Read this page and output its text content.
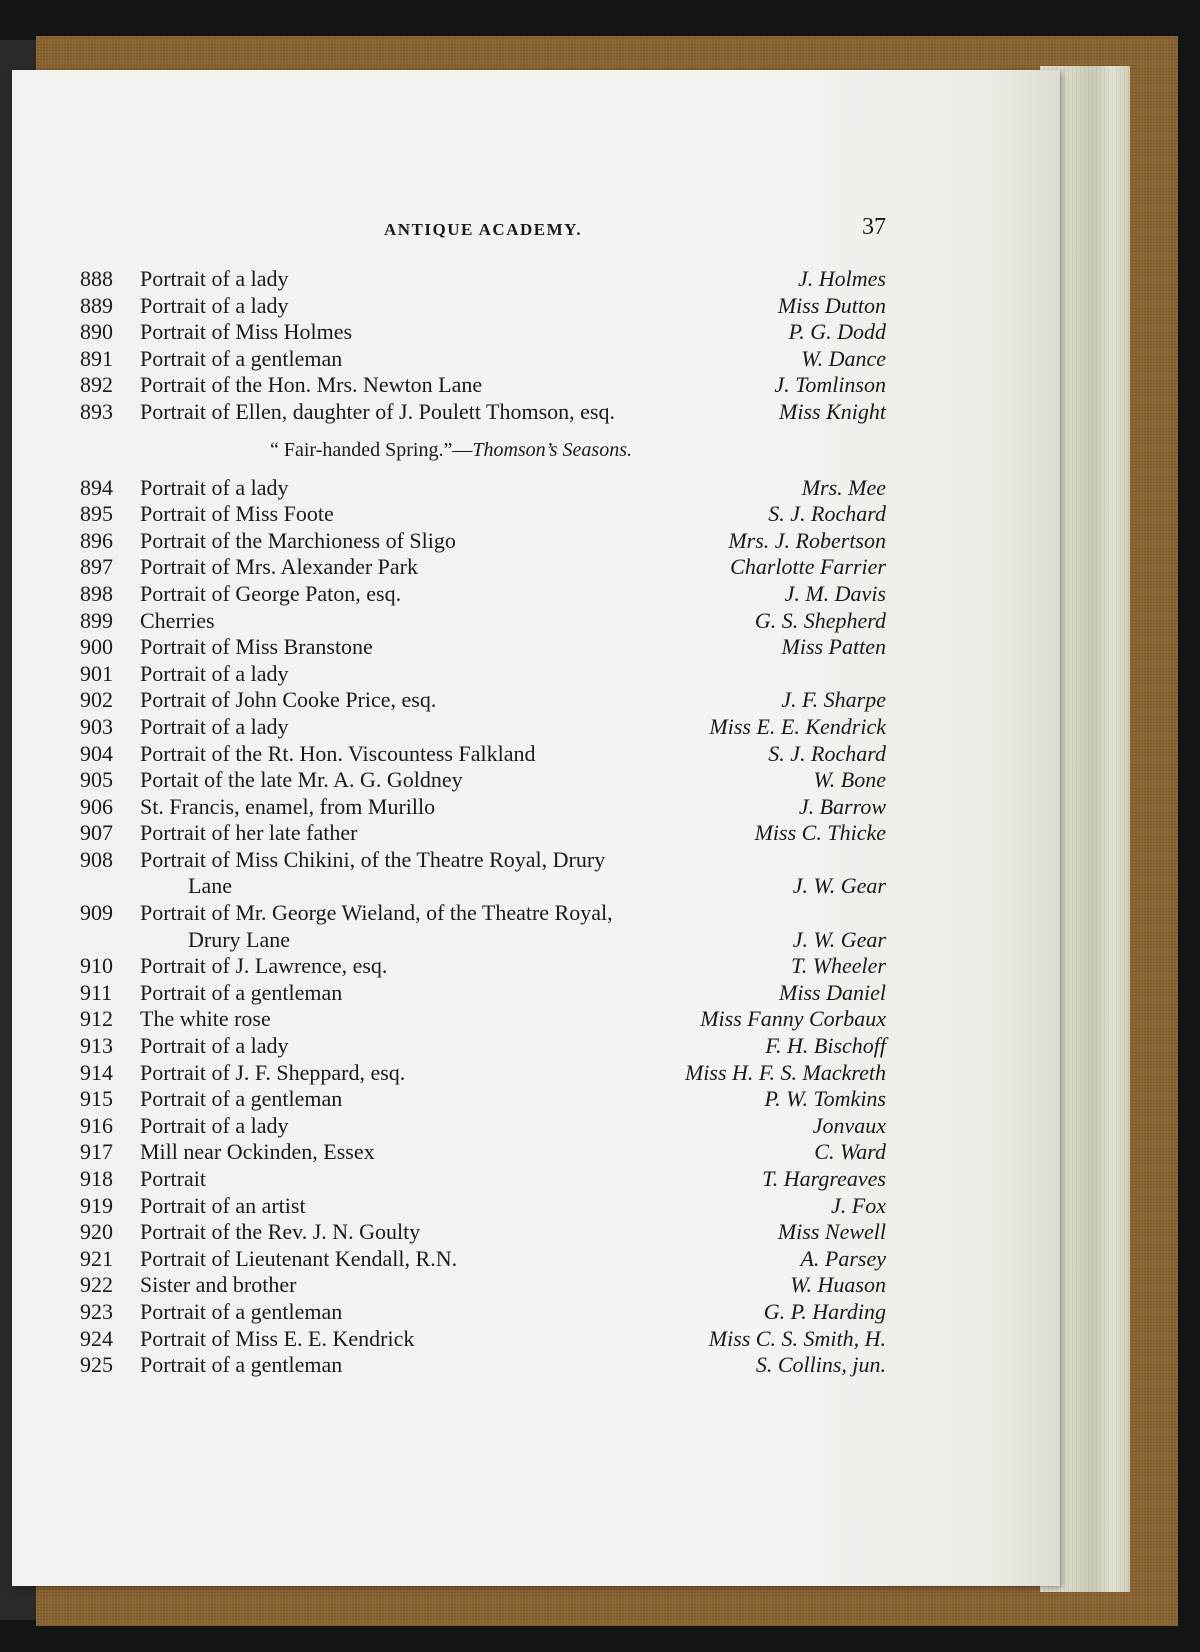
ANTIQUE ACADEMY.	37
888	Portrait of a lady	J. Holmes
889	Portrait of a lady	Miss Dutton
890	Portrait of Miss Holmes	P. G. Dodd
891	Portrait of a gentleman	W. Dance
892	Portrait of the Hon. Mrs. Newton Lane	J. Tomlinson
893	Portrait of Ellen, daughter of J. Poulett Thomson, esq.	Miss Knight
“ Fair-handed Spring.”—Thomson’s Seasons.
894	Portrait of a lady	Mrs. Mee
895	Portrait of Miss Foote	S. J. Rochard
896	Portrait of the Marchioness of Sligo	Mrs. J. Robertson
897	Portrait of Mrs. Alexander Park	Charlotte Farrier
898	Portrait of George Paton, esq.	J. M. Davis
899	Cherries	G. S. Shepherd
900	Portrait of Miss Branstone	Miss Patten
901	Portrait of a lady
902	Portrait of John Cooke Price, esq.	J. F. Sharpe
903	Portrait of a lady	Miss E. E. Kendrick
904	Portrait of the Rt. Hon. Viscountess Falkland	S. J. Rochard
905	Portait of the late Mr. A. G. Goldney	W. Bone
906	St. Francis, enamel, from Murillo	J. Barrow
907	Portrait of her late father	Miss C. Thicke
908	Portrait of Miss Chikini, of the Theatre Royal, Drury
Lane	J. W. Gear
909	Portrait of Mr. George Wieland, of the Theatre Royal,
Drury Lane	J. W. Gear
910	Portrait of J. Lawrence, esq.	T. Wheeler
911	Portrait of a gentleman	Miss Daniel
912	The white rose	Miss Fanny Corbaux
913	Portrait of a lady	F. H. Bischoff
914	Portrait of J. F. Sheppard, esq.	Miss H. F. S. Mackreth
915	Portrait of a gentleman	P. W. Tomkins
916	Portrait of a lady	Jonvaux
917	Mill near Ockinden, Essex	C. Ward
918	Portrait	T. Hargreaves
919	Portrait of an artist	J. Fox
920	Portrait of the Rev. J. N. Goulty	Miss Newell
921	Portrait of Lieutenant Kendall, R.N.	A. Parsey
922	Sister and brother	W. Huason
923	Portrait of a gentleman	G. P. Harding
924	Portrait of Miss E. E. Kendrick	Miss C. S. Smith, H.
925	Portrait of a gentleman	S. Collins, jun.
